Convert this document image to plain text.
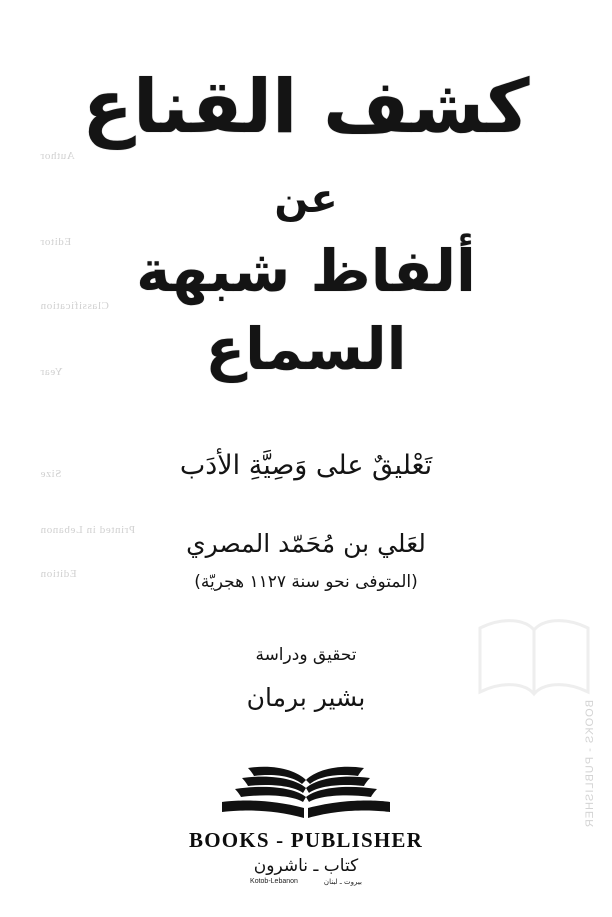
Author
Editor
Classification
Year
Size
Printed in Lebanon
Edition
BOOKS - PUBLISHER
كشف القناع
عن
ألفاظ شبهة السماع
تَعْليقٌ على وَصِيَّةِ الأدَب
لعَلي بن مُحَمّد المصري
(المتوفى نحو سنة ١١٢٧ هجريّة)
تحقيق ودراسة
بشير برمان
BOOKS - PUBLISHER
كتاب ـ ناشرون
Kotob-Lebanon	بيروت ـ لبنان
